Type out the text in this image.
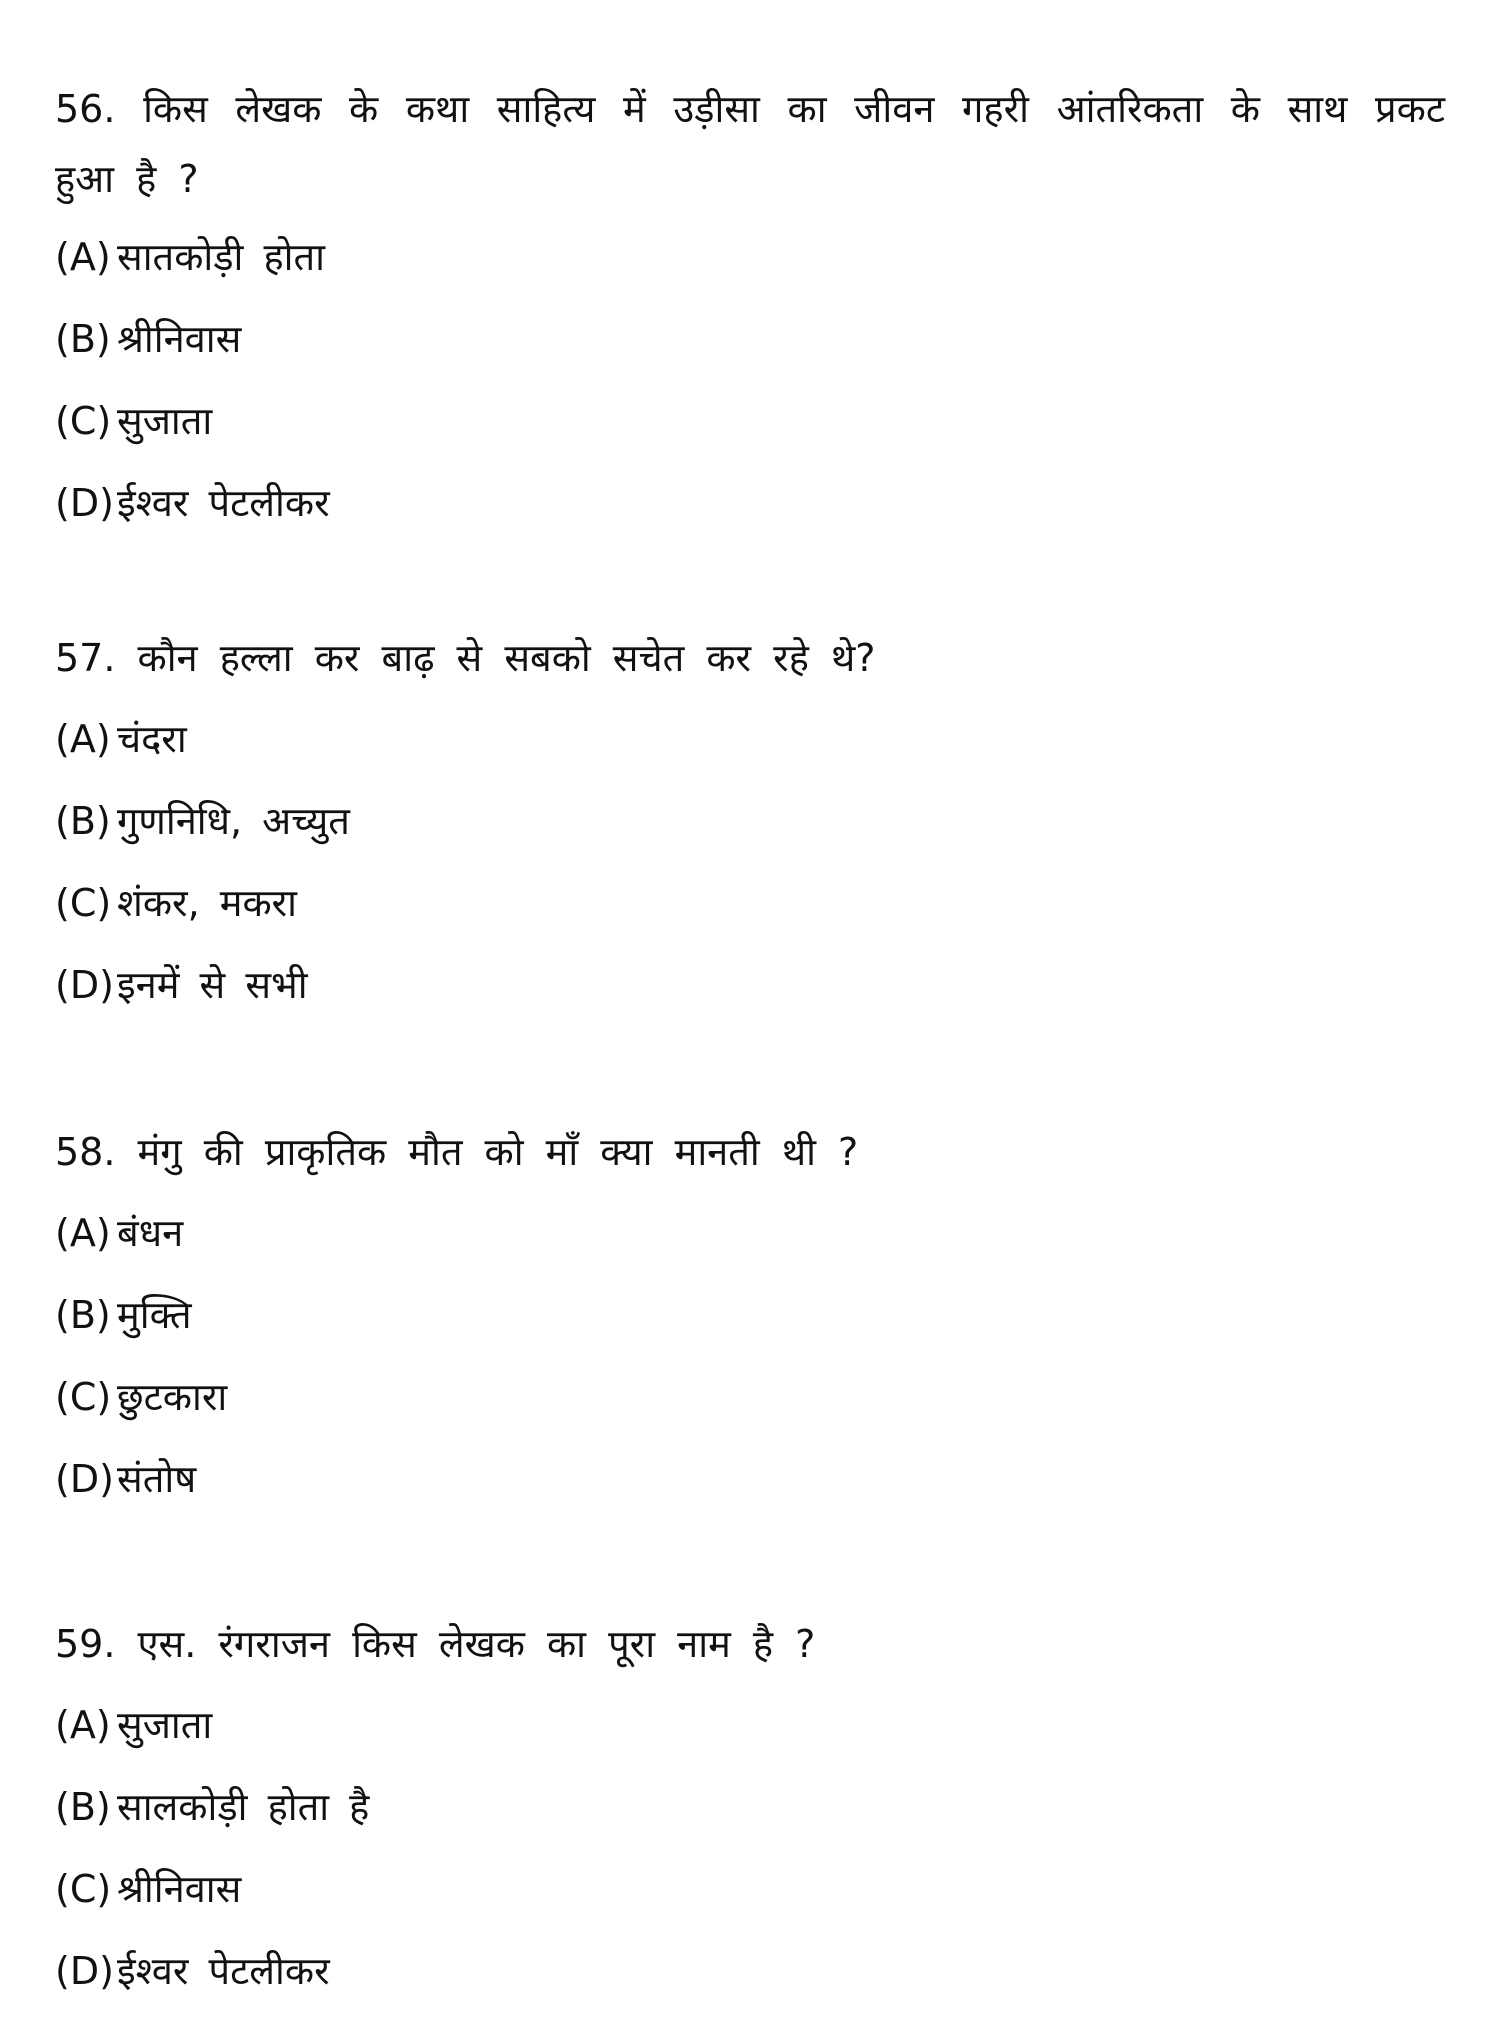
56. किस लेखक के कथा साहित्य में उड़ीसा का जीवन गहरी आंतरिकता के साथ प्रकट हुआ है ?

(A) सातकोड़ी होता
(B) श्रीनिवास
(C) सुजाता
(D)ईश्वर पेटलीकर

57. कौन हल्ला कर बाढ़ से सबको सचेत कर रहे थे?

(A) चंदरा
(B) गुणनिधि, अच्युत
(C) शंकर, मकरा
(D)इनमें से सभी

58. मंगु की प्राकृतिक मौत को माँ क्या मानती थी ?

(A) बंधन
(B) मुक्ति
(C) छुटकारा
(D)संतोष

59. एस. रंगराजन किस लेखक का पूरा नाम है ?

(A) सुजाता
(B) सालकोड़ी होता है
(C) श्रीनिवास
(D)ईश्वर पेटलीकर
